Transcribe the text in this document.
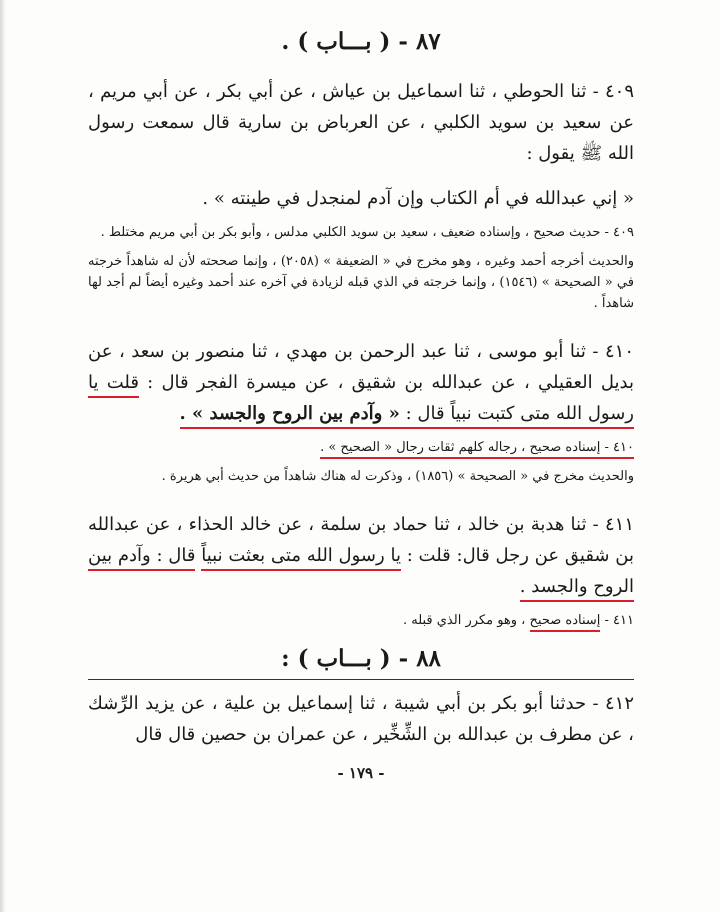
٨٧ - ( بـــاب ) .

٤٠٩ - ثنا الحوطي ، ثنا اسماعيل بن عياش ، عن أبي بكر ، عن أبي مريم ، عن سعيد بن سويد الكلبي ، عن العرباض بن سارية قال سمعت رسول الله ﷺ يقول :

« إني عبدالله في أم الكتاب وإن آدم لمنجدل في طينته » .

٤٠٩ - حديث صحيح ، وإسناده ضعيف ، سعيد بن سويد الكلبي مدلس ، وأبو بكر بن أبي مريم مختلط .

والحديث أخرجه أحمد وغيره ، وهو مخرج في « الضعيفة » (٢٠٥٨) ، وإنما صححته لأن له شاهداً خرجته في « الصحيحة » (١٥٤٦) ، وإنما خرجته في الذي قبله لزيادة في آخره عند أحمد وغيره أيضاً لم أجد لها شاهداً .

٤١٠ - ثنا أبو موسى ، ثنا عبد الرحمن بن مهدي ، ثنا منصور بن سعد ، عن بديل العقيلي ، عن عبدالله بن شقيق ، عن ميسرة الفجر قال : قلت يا رسول الله متى كتبت نبياً قال : « وآدم بين الروح والجسد » .

٤١٠ - إسناده صحيح ، رجاله كلهم ثقات رجال « الصحيح » .

والحديث مخرج في « الصحيحة » (١٨٥٦) ، وذكرت له هناك شاهداً من حديث أبي هريرة .

٤١١ - ثنا هدبة بن خالد ، ثنا حماد بن سلمة ، عن خالد الحذاء ، عن عبدالله بن شقيق عن رجل قال: قلت : يا رسول الله متى بعثت نبياً قال : وآدم بين الروح والجسد .

٤١١ - إسناده صحيح ، وهو مكرر الذي قبله .

٨٨ - ( بـــاب ) :

٤١٢ - حدثنا أبو بكر بن أبي شيبة ، ثنا إسماعيل بن علية ، عن يزيد الرِّشك ، عن مطرف بن عبدالله بن الشِّخِّير ، عن عمران بن حصين قال قال

- ١٧٩ -
